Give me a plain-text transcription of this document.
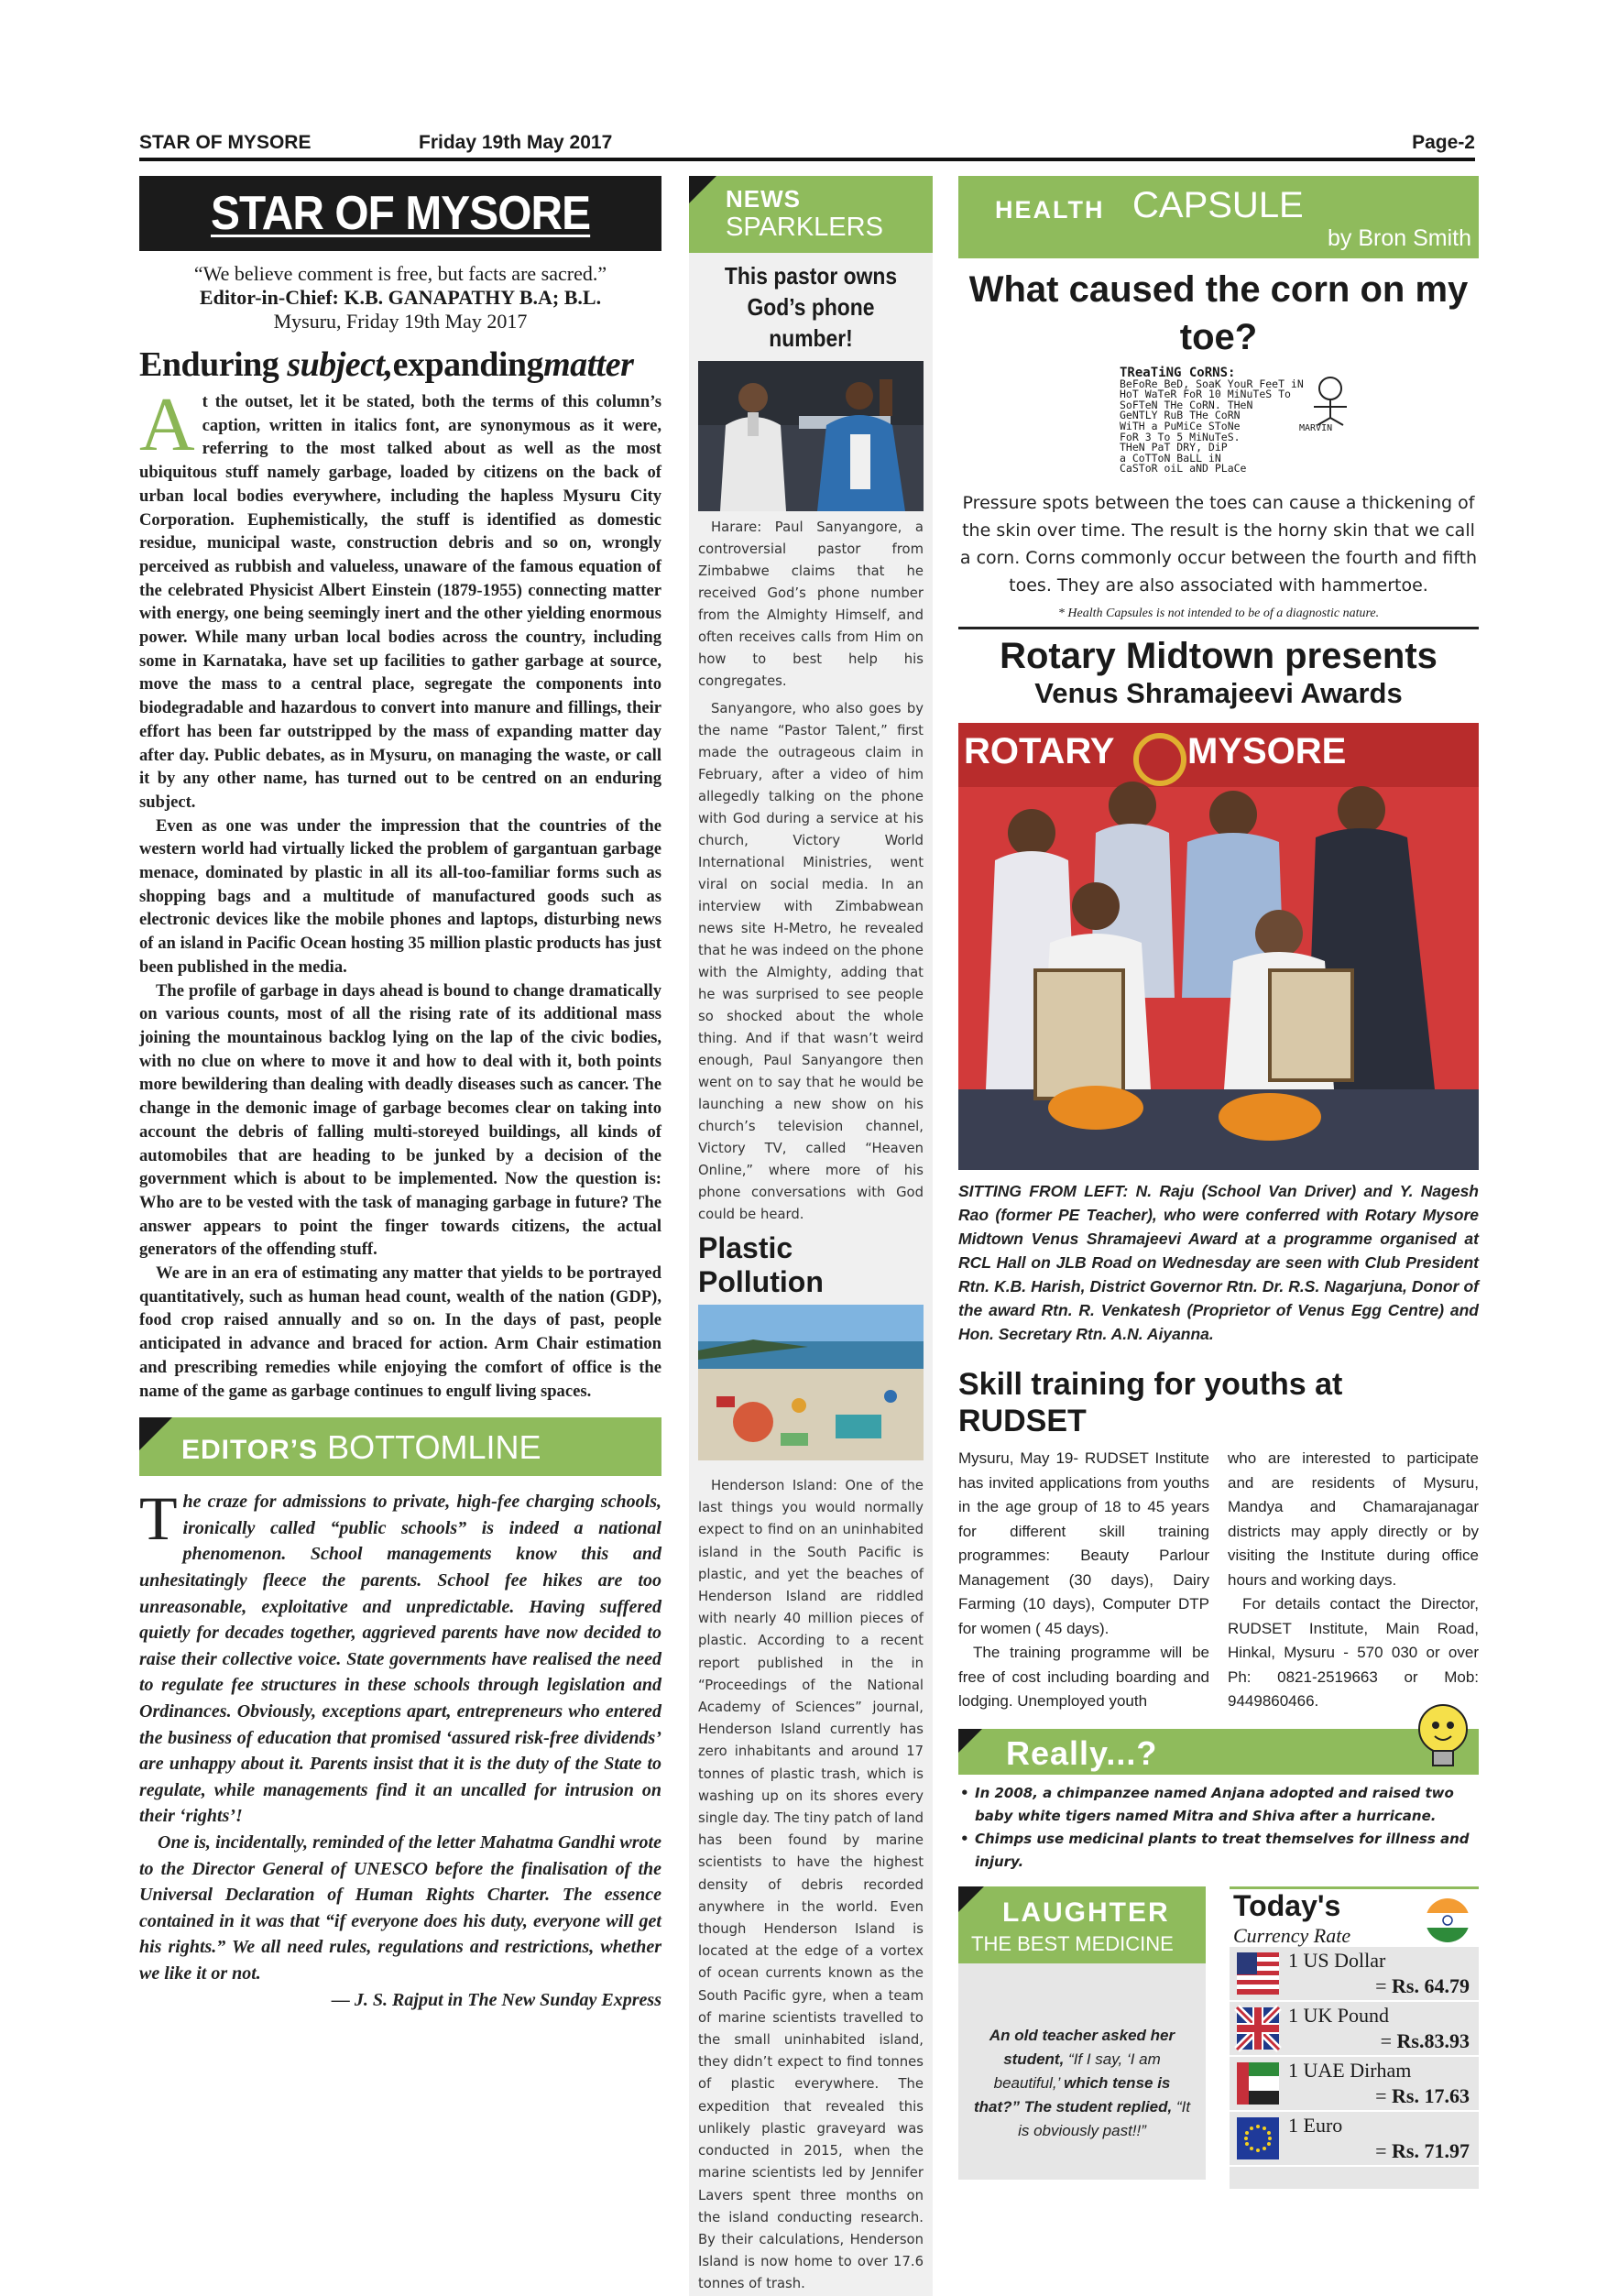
STAR OF MYSORE	Friday 19th May 2017	Page-2
STAR OF MYSORE
“We believe comment is free, but facts are sacred.”
Editor-in-Chief: K.B. GANAPATHY B.A; B.L.
Mysuru, Friday 19th May 2017
Enduring subject,expandingmatter

At the outset, let it be stated, both the terms of this column’s caption, written in italics font, are synonymous as it were, referring to the most talked about as well as the most ubiquitous stuff namely garbage, loaded by citizens on the back of urban local bodies everywhere, including the hapless Mysuru City Corporation. Euphemistically, the stuff is identified as domestic residue, municipal waste, construction debris and so on, wrongly perceived as rubbish and valueless, unaware of the famous equation of the celebrated Physicist Albert Einstein (1879-1955) connecting matter with energy, one being seemingly inert and the other yielding enormous power. While many urban local bodies across the country, including some in Karnataka, have set up facilities to gather garbage at source, move the mass to a central place, segregate the components into biodegradable and hazardous to convert into manure and fillings, their effort has been far outstripped by the mass of expanding matter day after day. Public debates, as in Mysuru, on managing the waste, or call it by any other name, has turned out to be centred on an enduring subject.

Even as one was under the impression that the countries of the western world had virtually licked the problem of gargantuan garbage menace, dominated by plastic in all its all-too-familiar forms such as shopping bags and a multitude of manufactured goods such as electronic devices like the mobile phones and laptops, disturbing news of an island in Pacific Ocean hosting 35 million plastic products has just been published in the media.

The profile of garbage in days ahead is bound to change dramatically on various counts, most of all the rising rate of its additional mass joining the mountainous backlog lying on the lap of the civic bodies, with no clue on where to move it and how to deal with it, both points more bewildering than dealing with deadly diseases such as cancer. The change in the demonic image of garbage becomes clear on taking into account the debris of falling multi-storeyed buildings, all kinds of automobiles that are heading to be junked by a decision of the government which is about to be implemented. Now the question is: Who are to be vested with the task of managing garbage in future? The answer appears to point the finger towards citizens, the actual generators of the offending stuff.

We are in an era of estimating any matter that yields to be portrayed quantitatively, such as human head count, wealth of the nation (GDP), food crop raised annually and so on. In the days of past, people anticipated in advance and braced for action. Arm Chair estimation and prescribing remedies while enjoying the comfort of office is the name of the game as garbage continues to engulf living spaces.

EDITOR’S BOTTOMLINE

The craze for admissions to private, high-fee charging schools, ironically called “public schools” is indeed a national phenomenon. School managements know this and unhesitatingly fleece the parents. School fee hikes are too unreasonable, exploitative and unpredictable. Having suffered quietly for decades together, aggrieved parents have now decided to raise their collective voice. State governments have realised the need to regulate fee structures in these schools through legislation and Ordinances. Obviously, exceptions apart, entrepreneurs who entered the business of education that promised ‘assured risk-free dividends’ are unhappy about it. Parents insist that it is the duty of the State to regulate, while managements find it an uncalled for intrusion on their ‘rights’!

One is, incidentally, reminded of the letter Mahatma Gandhi wrote to the Director General of UNESCO before the finalisation of the Universal Declaration of Human Rights Charter. The essence contained in it was that “if everyone does his duty, everyone will get his rights.” We all need rules, regulations and restrictions, whether we like it or not.

— J. S. Rajput in The New Sunday Express
NEWS
SPARKLERS
This pastor owns God’s phone number!

Harare: Paul Sanyangore, a controversial pastor from Zimbabwe claims that he received God’s phone number from the Almighty Himself, and often receives calls from Him on how to best help his congregates.

Sanyangore, who also goes by the name “Pastor Talent,” first made the outrageous claim in February, after a video of him allegedly talking on the phone with God during a service at his church, Victory World International Ministries, went viral on social media. In an interview with Zimbabwean news site H-Metro, he revealed that he was indeed on the phone with the Almighty, adding that he was surprised to see people so shocked about the whole thing. And if that wasn’t weird enough, Paul Sanyangore then went on to say that he would be launching a new show on his church’s television channel, Victory TV, called “Heaven Online,” where more of his phone conversations with God could be heard.

Plastic Pollution
Henderson Island: One of the last things you would normally expect to find on an uninhabited island in the South Pacific is plastic, and yet the beaches of Henderson Island are riddled with nearly 40 million pieces of plastic. According to a recent report published in the in “Proceedings of the National Academy of Sciences” journal, Henderson Island currently has zero inhabitants and around 17 tonnes of plastic trash, which is washing up on its shores every single day. The tiny patch of land has been found by marine scientists to have the highest density of debris recorded anywhere in the world. Even though Henderson Island is located at the edge of a vortex of ocean currents known as the South Pacific gyre, when a team of marine scientists travelled to the small uninhabited island, they didn’t expect to find tonnes of plastic everywhere. The expedition that revealed this unlikely plastic graveyard was conducted in 2015, when the marine scientists led by Jennifer Lavers spent three months on the island conducting research. By their calculations, Henderson Island is now home to over 17.6 tonnes of trash.
HEALTH CAPSULE
by Bron Smith
What caused the corn on my toe?
TReaTiNG CoRNS:
BeFoRe BeD, SoaK YouR FeeT iN
HoT WaTeR FoR 10 MiNuTeS To
SoFTeN THe CoRN. THeN
GeNTLY RuB THe CoRN
WiTH a PuMiCe SToNe
FoR 3 To 5 MiNuTeS.
THeN PaT DRY, DiP
a CoTToN BaLL iN
CaSToR oiL aND PLaCe
MARVIN
Pressure spots between the toes can cause a thickening of the skin over time. The result is the horny skin that we call a corn. Corns commonly occur between the fourth and fifth toes. They are also associated with hammertoe.
* Health Capsules is not intended to be of a diagnostic nature.
Rotary Midtown presents
Venus Shramajeevi Awards
ROTARY MYSORE
SITTING FROM LEFT: N. Raju (School Van Driver) and Y. Nagesh Rao (former PE Teacher), who were conferred with Rotary Mysore Midtown Venus Shramajeevi Award at a programme organised at RCL Hall on JLB Road on Wednesday are seen with Club President Rtn. K.B. Harish, District Governor Rtn. Dr. R.S. Nagarjuna, Donor of the award Rtn. R. Venkatesh (Proprietor of Venus Egg Centre) and Hon. Secretary Rtn. A.N. Aiyanna.
Skill training for youths at RUDSET

Mysuru, May 19- RUDSET Institute has invited applications from youths in the age group of 18 to 45 years for different skill training programmes: Beauty Parlour Management (30 days), Dairy Farming (10 days), Computer DTP for women ( 45 days).

The training programme will be free of cost including boarding and lodging. Unemployed youth

who are interested to participate and are residents of Mysuru, Mandya and Chamarajanagar districts may apply directly or by visiting the Institute during office hours and working days.

For details contact the Director, RUDSET Institute, Main Road, Hinkal, Mysuru - 570 030 or over Ph: 0821-2519663 or Mob: 9449860466.

Really...?
• In 2008, a chimpanzee named Anjana adopted and raised two baby white tigers named Mitra and Shiva after a hurricane.
• Chimps use medicinal plants to treat themselves for illness and injury.
LAUGHTER
THE BEST MEDICINE
An old teacher asked her student, “If I say, ‘I am beautiful,’ which tense is that?” The student replied, “It is obviously past!!”
Today's
Currency Rate
1 US Dollar
= Rs. 64.79
1 UK Pound
= Rs.83.93
1 UAE Dirham
= Rs. 17.63
1 Euro
= Rs. 71.97
